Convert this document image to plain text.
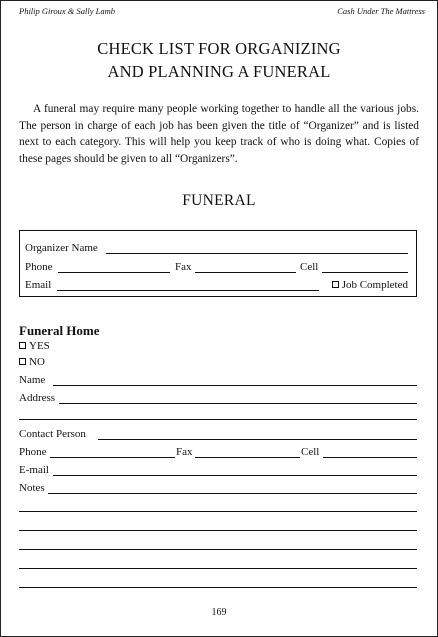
Philip Giroux & Sally Lamb	Cash Under The Mattress
CHECK LIST FOR ORGANIZING
AND PLANNING A FUNERAL

A funeral may require many people working together to handle all the various jobs. The person in charge of each job has been given the title of “Organizer” and is listed next to each category. This will help you keep track of who is doing what. Copies of these pages should be given to all “Organizers”.

FUNERAL
Organizer Name
Phone	Fax	Cell
Email	Job Completed
Funeral Home
YES
NO
Name
Address
Contact Person
Phone	Fax	Cell
E-mail
Notes
169
